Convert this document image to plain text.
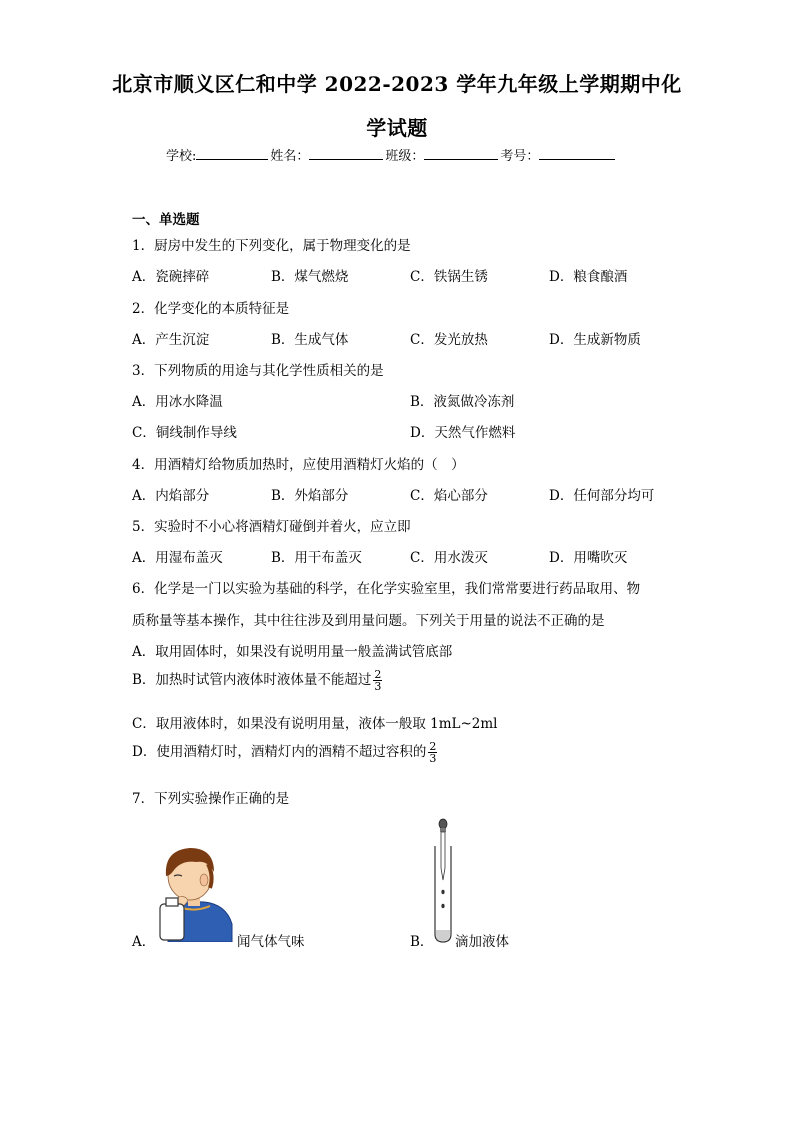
北京市顺义区仁和中学 2022-2023 学年九年级上学期期中化
学试题
学校:	姓名：	班级：	考号：
一、单选题
1．厨房中发生的下列变化，属于物理变化的是
A．瓷碗摔碎	B．煤气燃烧	C．铁锅生锈	D．粮食酿酒
2．化学变化的本质特征是
A．产生沉淀	B．生成气体	C．发光放热	D．生成新物质
3．下列物质的用途与其化学性质相关的是
A．用冰水降温	B．液氮做冷冻剂
C．铜线制作导线	D．天然气作燃料
4．用酒精灯给物质加热时，应使用酒精灯火焰的（　）
A．内焰部分	B．外焰部分	C．焰心部分	D．任何部分均可
5．实验时不小心将酒精灯碰倒并着火，应立即
A．用湿布盖灭	B．用干布盖灭	C．用水泼灭	D．用嘴吹灭
6．化学是一门以实验为基础的科学，在化学实验室里，我们常常要进行药品取用、物
质称量等基本操作，其中往往涉及到用量问题。下列关于用量的说法不正确的是
A．取用固体时，如果没有说明用量一般盖满试管底部
B．加热时试管内液体时液体量不能超过 $\frac{2}{3}$
C．取用液体时，如果没有说明用量，液体一般取 1mL~2ml
D．使用酒精灯时，酒精灯内的酒精不超过容积的 $\frac{2}{3}$
7．下列实验操作正确的是
A．	闻气体气味	B． 滴加液体
